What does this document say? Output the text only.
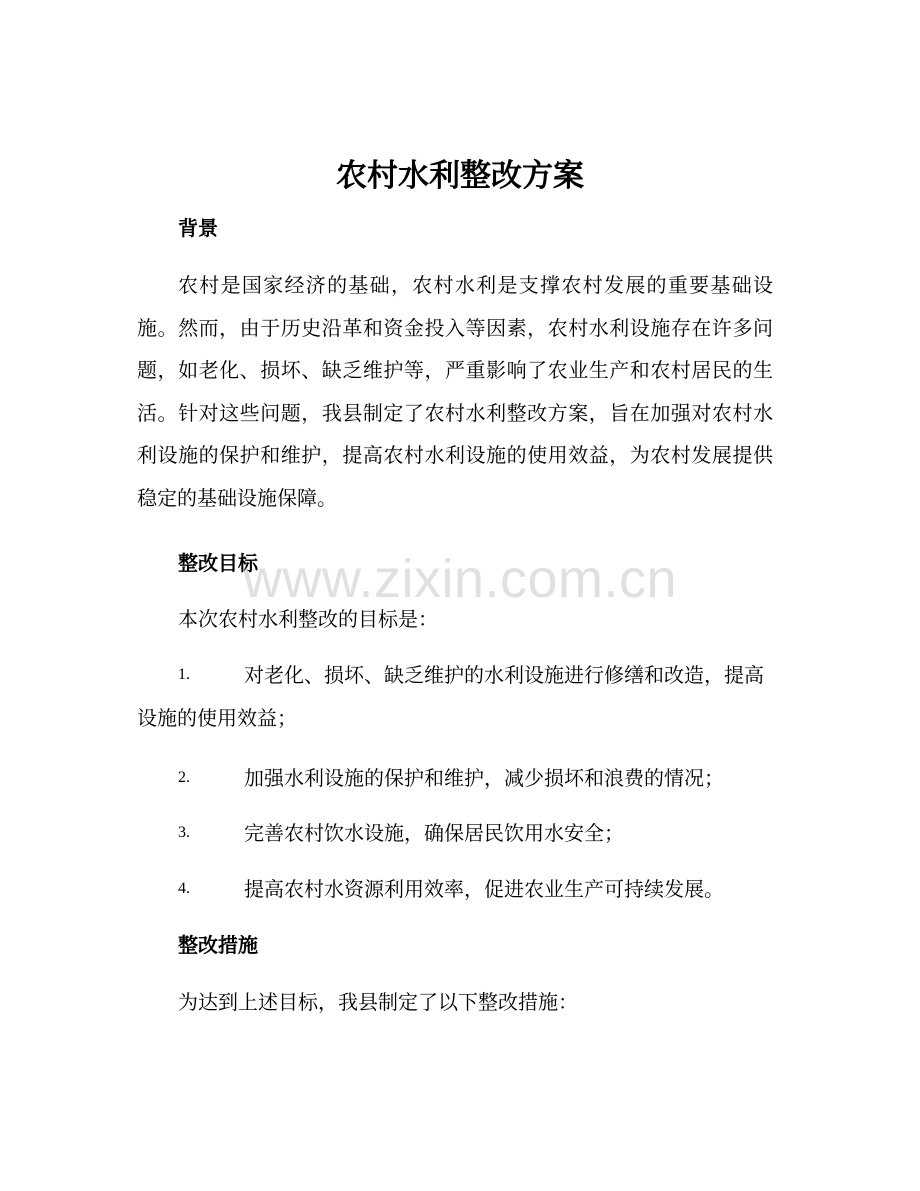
农村水利整改方案
背景

农村是国家经济的基础，农村水利是支撑农村发展的重要基础设施。然而，由于历史沿革和资金投入等因素，农村水利设施存在许多问题，如老化、损坏、缺乏维护等，严重影响了农业生产和农村居民的生活。针对这些问题，我县制定了农村水利整改方案，旨在加强对农村水利设施的保护和维护，提高农村水利设施的使用效益，为农村发展提供稳定的基础设施保障。

整改目标

本次农村水利整改的目标是：

1.	对老化、损坏、缺乏维护的水利设施进行修缮和改造，提高设施的使用效益；
2.	加强水利设施的保护和维护，减少损坏和浪费的情况；
3.	完善农村饮水设施，确保居民饮用水安全；
4.	提高农村水资源利用效率，促进农业生产可持续发展。
整改措施

为达到上述目标，我县制定了以下整改措施：

www.zixin.com.cn
